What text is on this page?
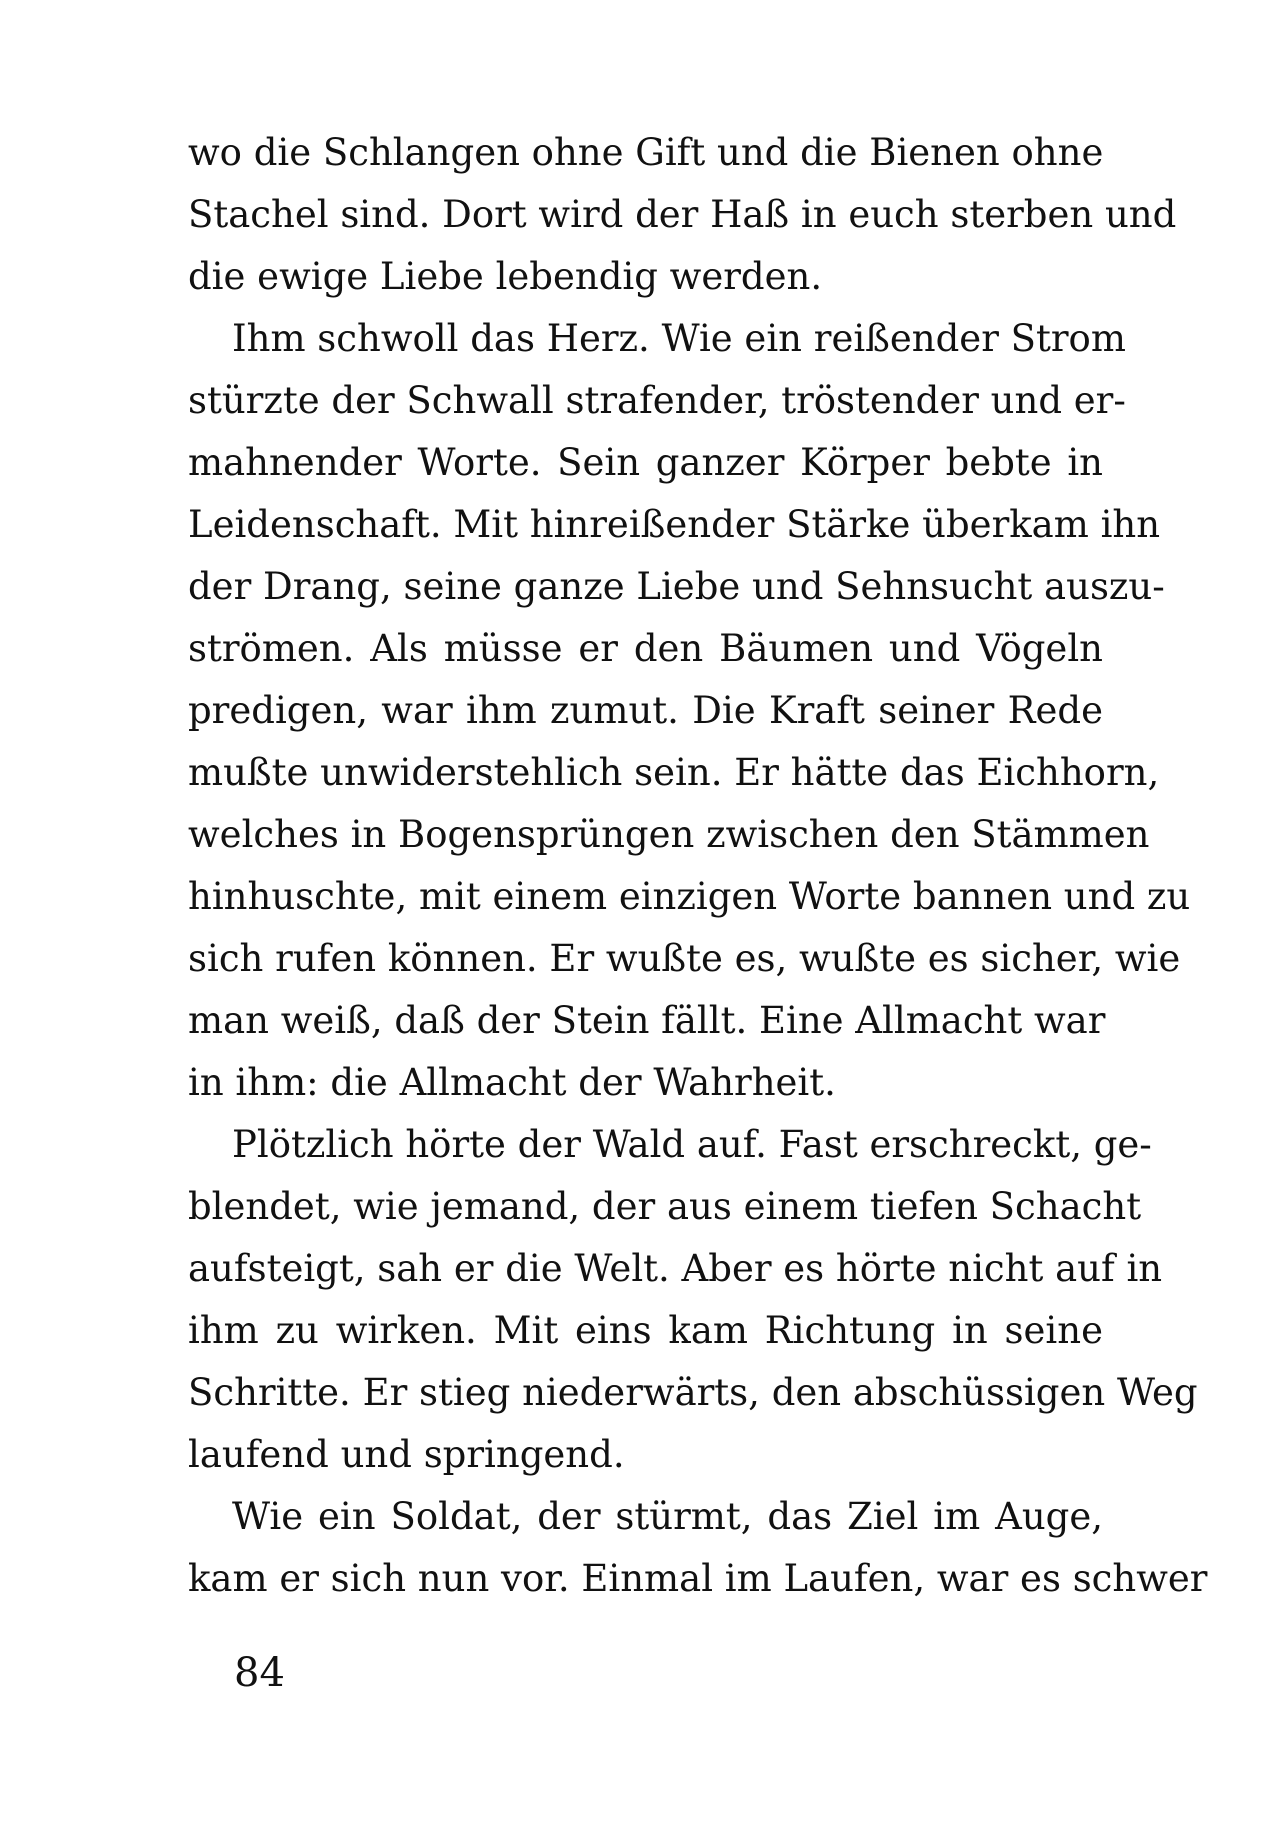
wo die Schlangen ohne Gift und die Bienen ohne
Stachel sind. Dort wird der Haß in euch sterben und
die ewige Liebe lebendig werden.
Ihm schwoll das Herz. Wie ein reißender Strom
stürzte der Schwall strafender, tröstender und er-
mahnender Worte. Sein ganzer Körper bebte in
Leidenschaft. Mit hinreißender Stärke überkam ihn
der Drang, seine ganze Liebe und Sehnsucht auszu-
strömen. Als müsse er den Bäumen und Vögeln
predigen, war ihm zumut. Die Kraft seiner Rede
mußte unwiderstehlich sein. Er hätte das Eichhorn,
welches in Bogensprüngen zwischen den Stämmen
hinhuschte, mit einem einzigen Worte bannen und zu
sich rufen können. Er wußte es, wußte es sicher, wie
man weiß, daß der Stein fällt. Eine Allmacht war
in ihm: die Allmacht der Wahrheit.
Plötzlich hörte der Wald auf. Fast erschreckt, ge-
blendet, wie jemand, der aus einem tiefen Schacht
aufsteigt, sah er die Welt. Aber es hörte nicht auf in
ihm zu wirken. Mit eins kam Richtung in seine
Schritte. Er stieg niederwärts, den abschüssigen Weg
laufend und springend.
Wie ein Soldat, der stürmt, das Ziel im Auge,
kam er sich nun vor. Einmal im Laufen, war es schwer
84
